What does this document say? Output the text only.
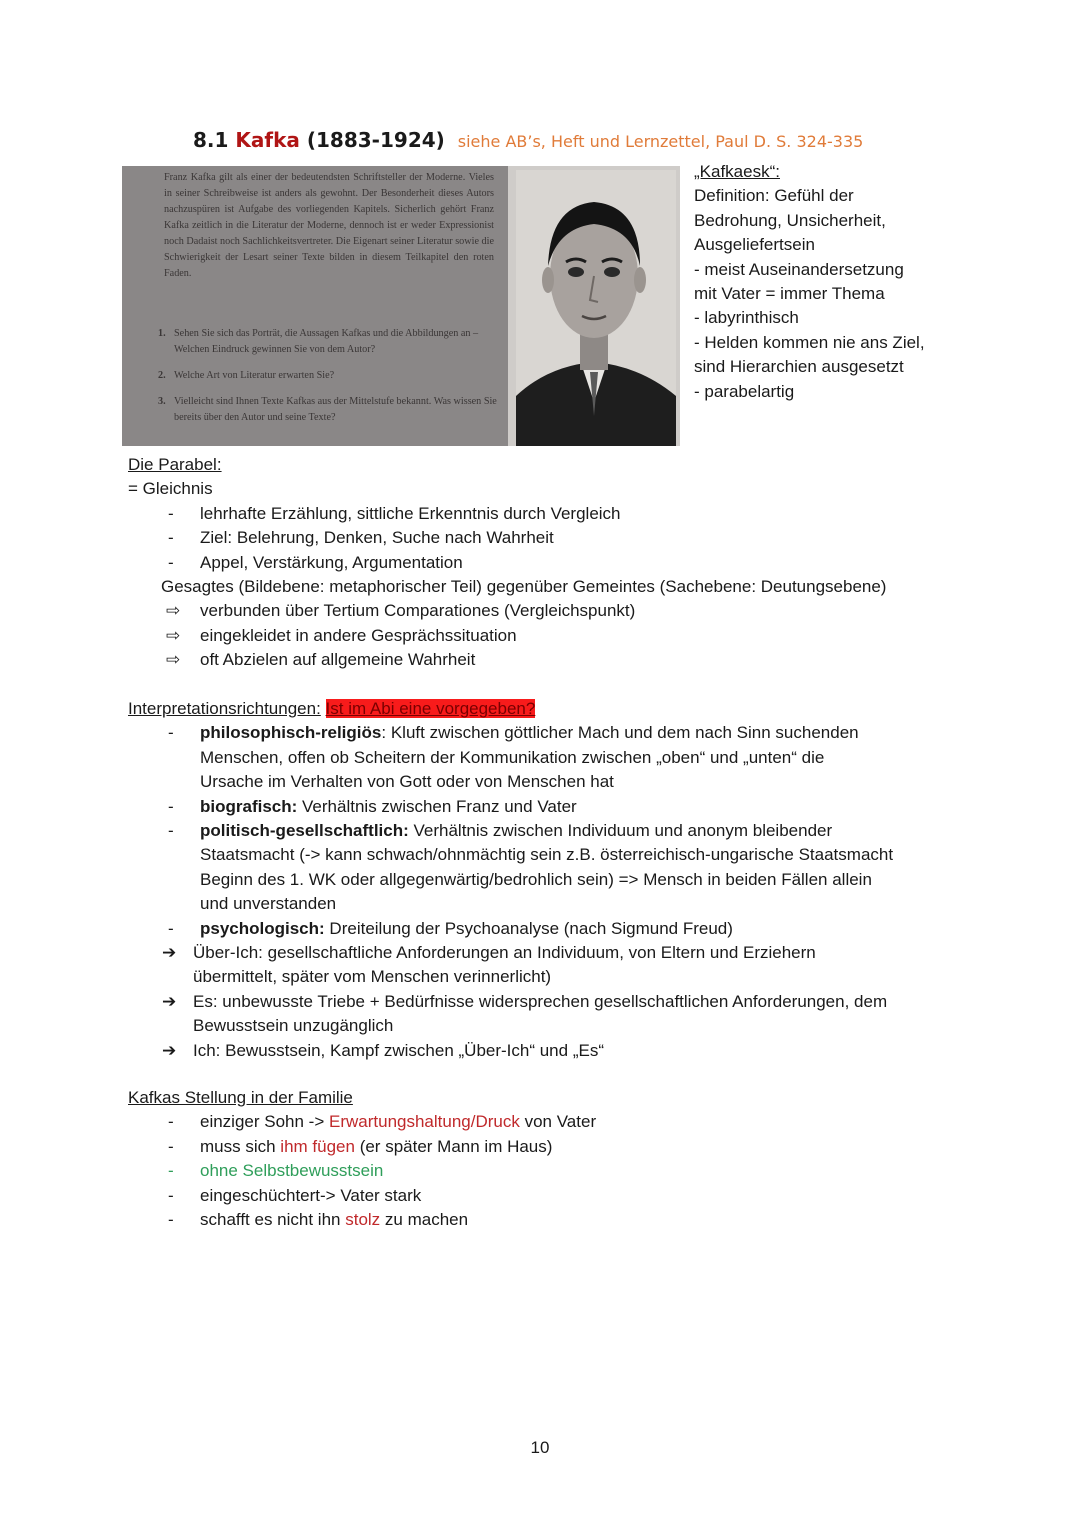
8.1 Kafka (1883-1924) siehe AB’s, Heft und Lernzettel, Paul D. S. 324-335
Franz Kafka gilt als einer der bedeutendsten Schriftsteller der Moderne. Vieles in seiner Schreibweise ist anders als gewohnt. Der Besonderheit dieses Autors nachzuspüren ist Aufgabe des vorliegenden Kapitels. Sicherlich gehört Franz Kafka zeitlich in die Literatur der Moderne, dennoch ist er weder Expressionist noch Dadaist noch Sachlichkeitsvertreter. Die Eigenart seiner Literatur sowie die Schwierigkeit der Lesart seiner Texte bilden in diesem Teilkapitel den roten Faden.
1. Sehen Sie sich das Porträt, die Aussagen Kafkas und die Abbildungen an – Welchen Eindruck gewinnen Sie von dem Autor?
2. Welche Art von Literatur erwarten Sie?
3. Vielleicht sind Ihnen Texte Kafkas aus der Mittelstufe bekannt. Was wissen Sie bereits über den Autor und seine Texte?
„Kafkaesk“:
Definition: Gefühl der
Bedrohung, Unsicherheit,
Ausgeliefertsein
- meist Auseinandersetzung
mit Vater = immer Thema
- labyrinthisch
- Helden kommen nie ans Ziel,
sind Hierarchien ausgesetzt
- parabelartig
Die Parabel:
= Gleichnis
- lehrhafte Erzählung, sittliche Erkenntnis durch Vergleich
- Ziel: Belehrung, Denken, Suche nach Wahrheit
- Appel, Verstärkung, Argumentation
Gesagtes (Bildebene: metaphorischer Teil) gegenüber Gemeintes (Sachebene: Deutungsebene)
⇨ verbunden über Tertium Comparationes (Vergleichspunkt)
⇨ eingekleidet in andere Gesprächssituation
⇨ oft Abzielen auf allgemeine Wahrheit
Interpretationsrichtungen: Ist im Abi eine vorgegeben?
- philosophisch-religiös: Kluft zwischen göttlicher Mach und dem nach Sinn suchenden
Menschen, offen ob Scheitern der Kommunikation zwischen „oben“ und „unten“ die
Ursache im Verhalten von Gott oder von Menschen hat
- biografisch: Verhältnis zwischen Franz und Vater
- politisch-gesellschaftlich: Verhältnis zwischen Individuum und anonym bleibender
Staatsmacht (-> kann schwach/ohnmächtig sein z.B. österreichisch-ungarische Staatsmacht
Beginn des 1. WK oder allgegenwärtig/bedrohlich sein) => Mensch in beiden Fällen allein
und unverstanden
- psychologisch: Dreiteilung der Psychoanalyse (nach Sigmund Freud)
➔ Über-Ich: gesellschaftliche Anforderungen an Individuum, von Eltern und Erziehern
übermittelt, später vom Menschen verinnerlicht)
➔ Es: unbewusste Triebe + Bedürfnisse widersprechen gesellschaftlichen Anforderungen, dem
Bewusstsein unzugänglich
➔ Ich: Bewusstsein, Kampf zwischen „Über-Ich“ und „Es“
Kafkas Stellung in der Familie
- einziger Sohn -> Erwartungshaltung/Druck von Vater
- muss sich ihm fügen (er später Mann im Haus)
- ohne Selbstbewusstsein
- eingeschüchtert-> Vater stark
- schafft es nicht ihn stolz zu machen
10
